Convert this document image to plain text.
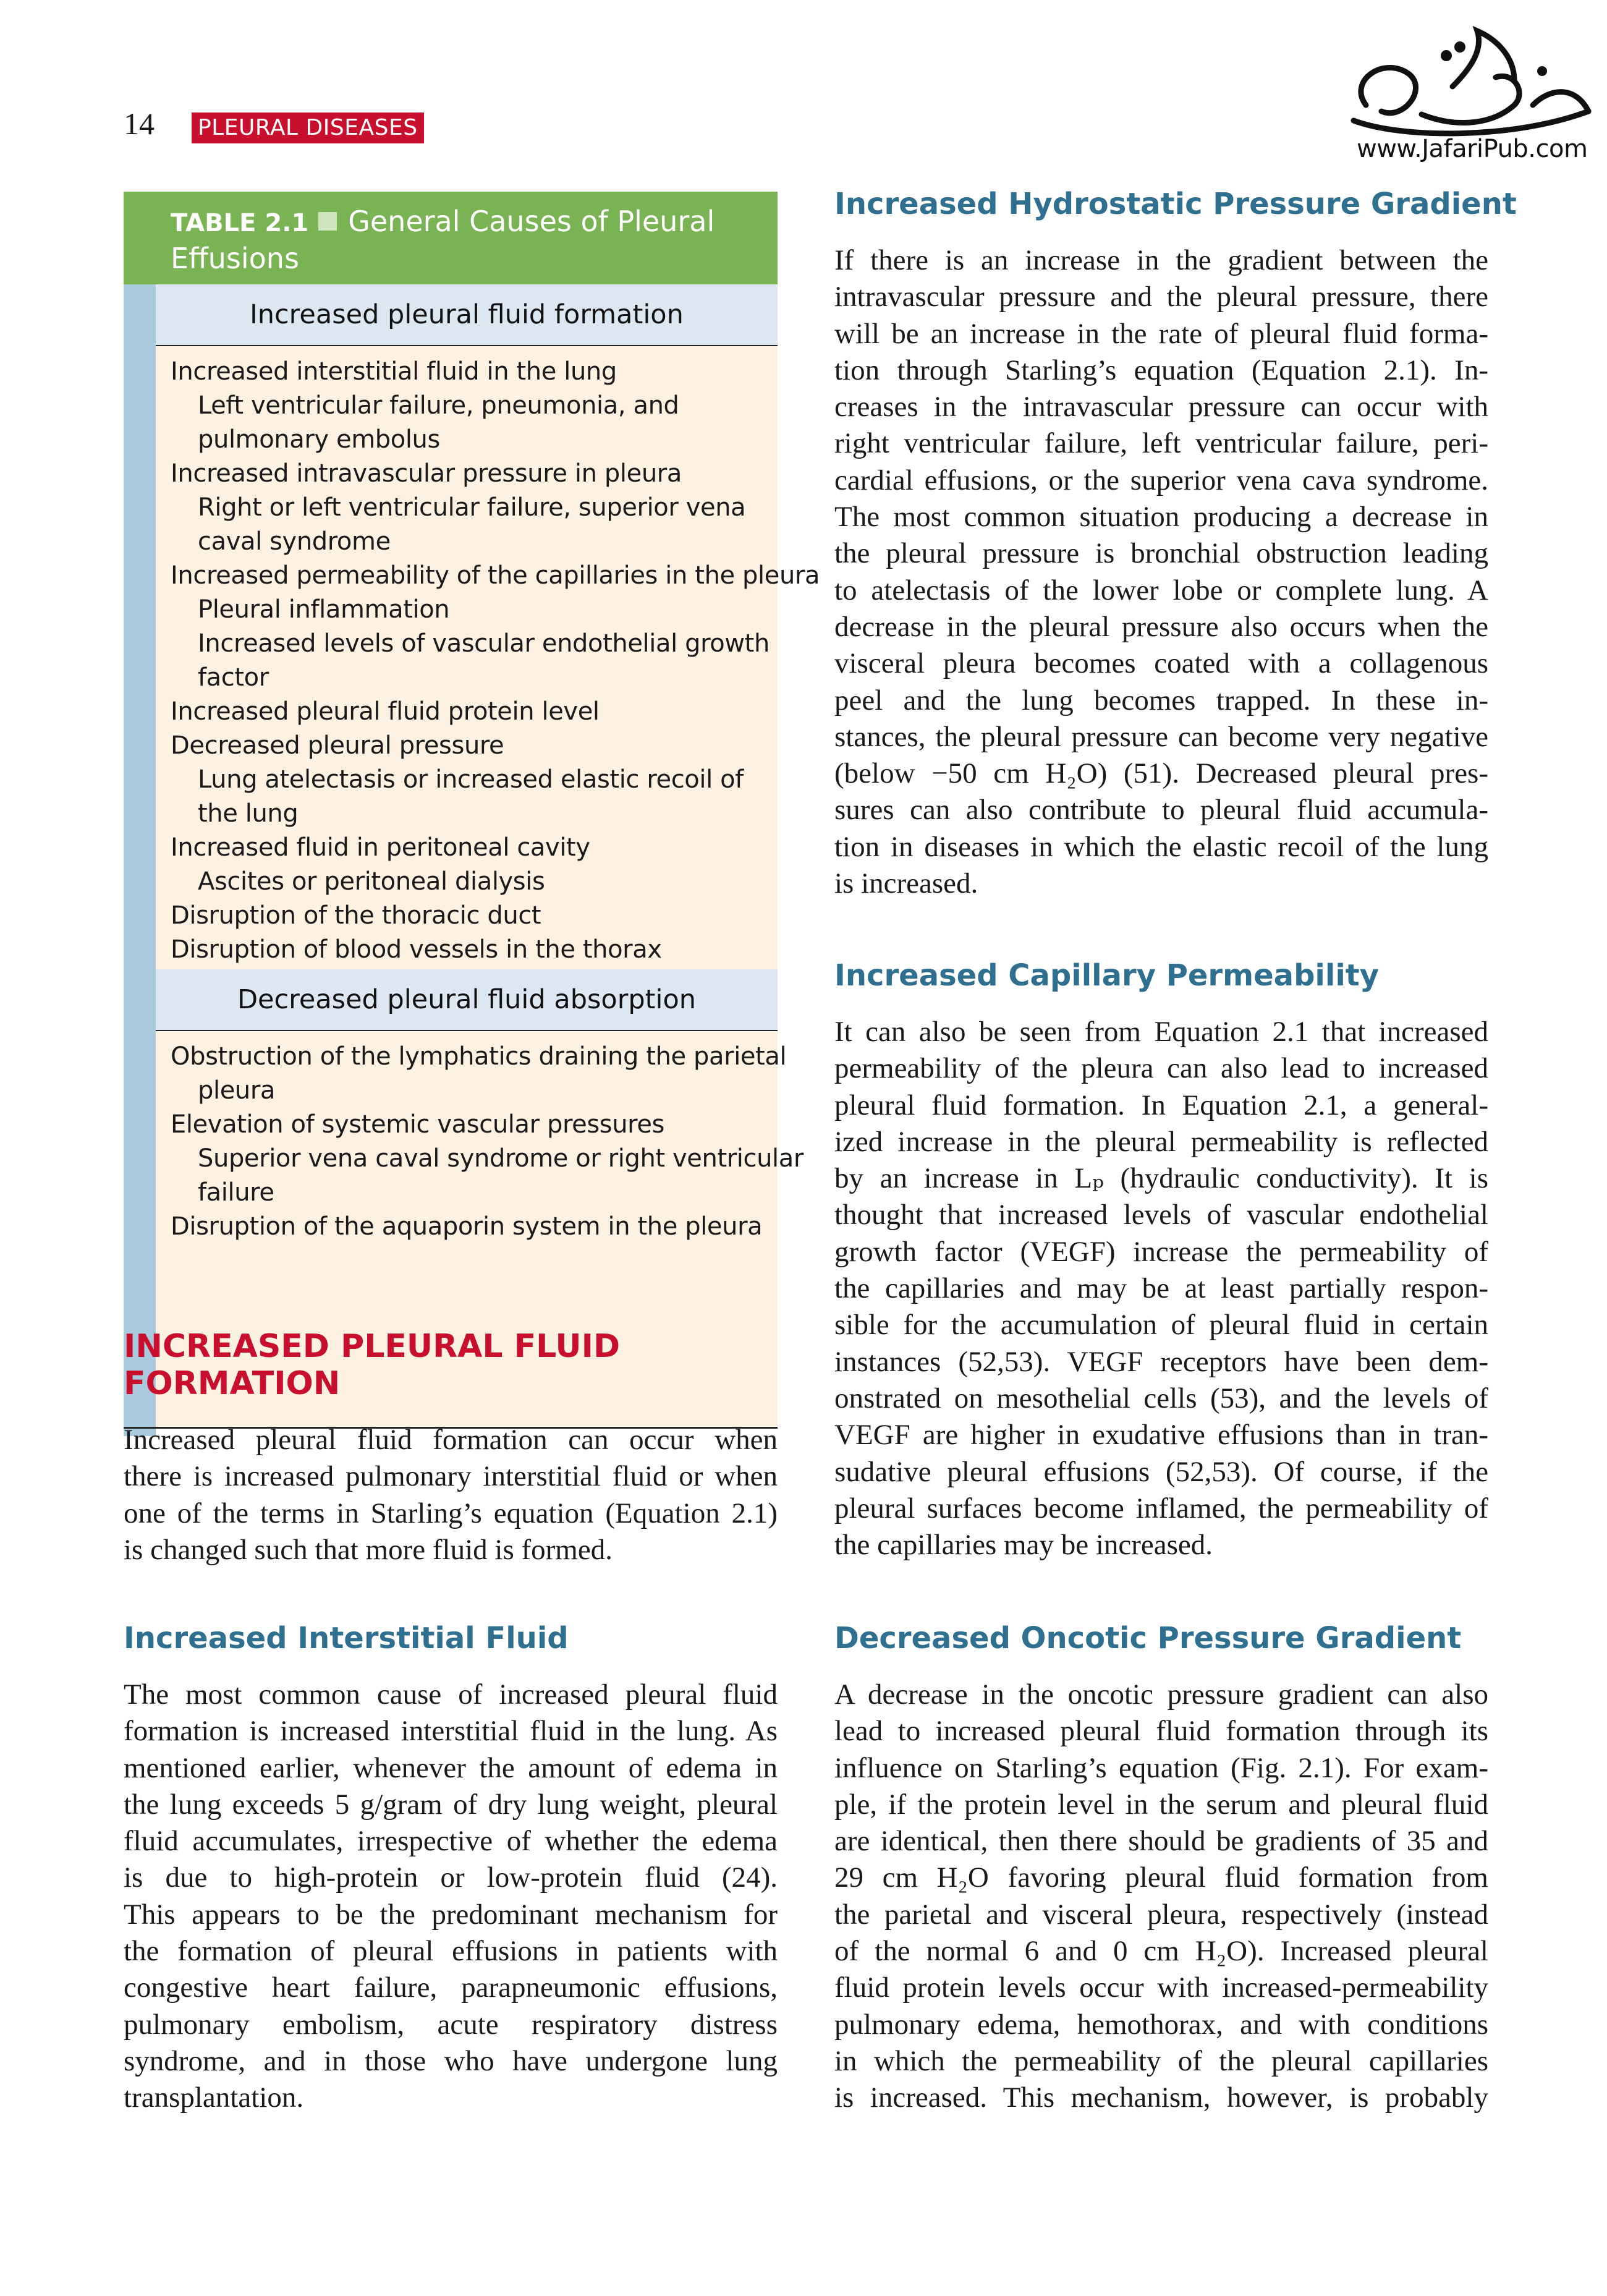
14 PLEURAL DISEASES
www.JafariPub.com
TABLE 2.1 General Causes of Pleural
Effusions
Increased pleural fluid formation
Increased interstitial fluid in the lung
Left ventricular failure, pneumonia, and
pulmonary embolus
Increased intravascular pressure in pleura
Right or left ventricular failure, superior vena
caval syndrome
Increased permeability of the capillaries in the pleura
Pleural inflammation
Increased levels of vascular endothelial growth
factor
Increased pleural fluid protein level
Decreased pleural pressure
Lung atelectasis or increased elastic recoil of
the lung
Increased fluid in peritoneal cavity
Ascites or peritoneal dialysis
Disruption of the thoracic duct
Disruption of blood vessels in the thorax
Decreased pleural fluid absorption
Obstruction of the lymphatics draining the parietal
pleura
Elevation of systemic vascular pressures
Superior vena caval syndrome or right ventricular
failure
Disruption of the aquaporin system in the pleura
INCREASED PLEURAL FLUID
FORMATION
Increased pleural fluid formation can occur when
there is increased pulmonary interstitial fluid or when
one of the terms in Starling’s equation (Equation 2.1)
is changed such that more fluid is formed.
Increased Interstitial Fluid
The most common cause of increased pleural fluid
formation is increased interstitial fluid in the lung. As
mentioned earlier, whenever the amount of edema in
the lung exceeds 5 g/gram of dry lung weight, pleural
fluid accumulates, irrespective of whether the edema
is due to high-protein or low-protein fluid (24).
This appears to be the predominant mechanism for
the formation of pleural effusions in patients with
congestive heart failure, parapneumonic effusions,
pulmonary embolism, acute respiratory distress
syndrome, and in those who have undergone lung
transplantation.
Increased Hydrostatic Pressure Gradient
If there is an increase in the gradient between the
intravascular pressure and the pleural pressure, there
will be an increase in the rate of pleural fluid forma-
tion through Starling’s equation (Equation 2.1). In-
creases in the intravascular pressure can occur with
right ventricular failure, left ventricular failure, peri-
cardial effusions, or the superior vena cava syndrome.
The most common situation producing a decrease in
the pleural pressure is bronchial obstruction leading
to atelectasis of the lower lobe or complete lung. A
decrease in the pleural pressure also occurs when the
visceral pleura becomes coated with a collagenous
peel and the lung becomes trapped. In these in-
stances, the pleural pressure can become very negative
(below −50 cm H₂O) (51). Decreased pleural pres-
sures can also contribute to pleural fluid accumula-
tion in diseases in which the elastic recoil of the lung
is increased.
Increased Capillary Permeability
It can also be seen from Equation 2.1 that increased
permeability of the pleura can also lead to increased
pleural fluid formation. In Equation 2.1, a general-
ized increase in the pleural permeability is reflected
by an increase in Lₚ (hydraulic conductivity). It is
thought that increased levels of vascular endothelial
growth factor (VEGF) increase the permeability of
the capillaries and may be at least partially respon-
sible for the accumulation of pleural fluid in certain
instances (52,53). VEGF receptors have been dem-
onstrated on mesothelial cells (53), and the levels of
VEGF are higher in exudative effusions than in tran-
sudative pleural effusions (52,53). Of course, if the
pleural surfaces become inflamed, the permeability of
the capillaries may be increased.
Decreased Oncotic Pressure Gradient
A decrease in the oncotic pressure gradient can also
lead to increased pleural fluid formation through its
influence on Starling’s equation (Fig. 2.1). For exam-
ple, if the protein level in the serum and pleural fluid
are identical, then there should be gradients of 35 and
29 cm H₂O favoring pleural fluid formation from
the parietal and visceral pleura, respectively (instead
of the normal 6 and 0 cm H₂O). Increased pleural
fluid protein levels occur with increased-permeability
pulmonary edema, hemothorax, and with conditions
in which the permeability of the pleural capillaries
is increased. This mechanism, however, is probably
